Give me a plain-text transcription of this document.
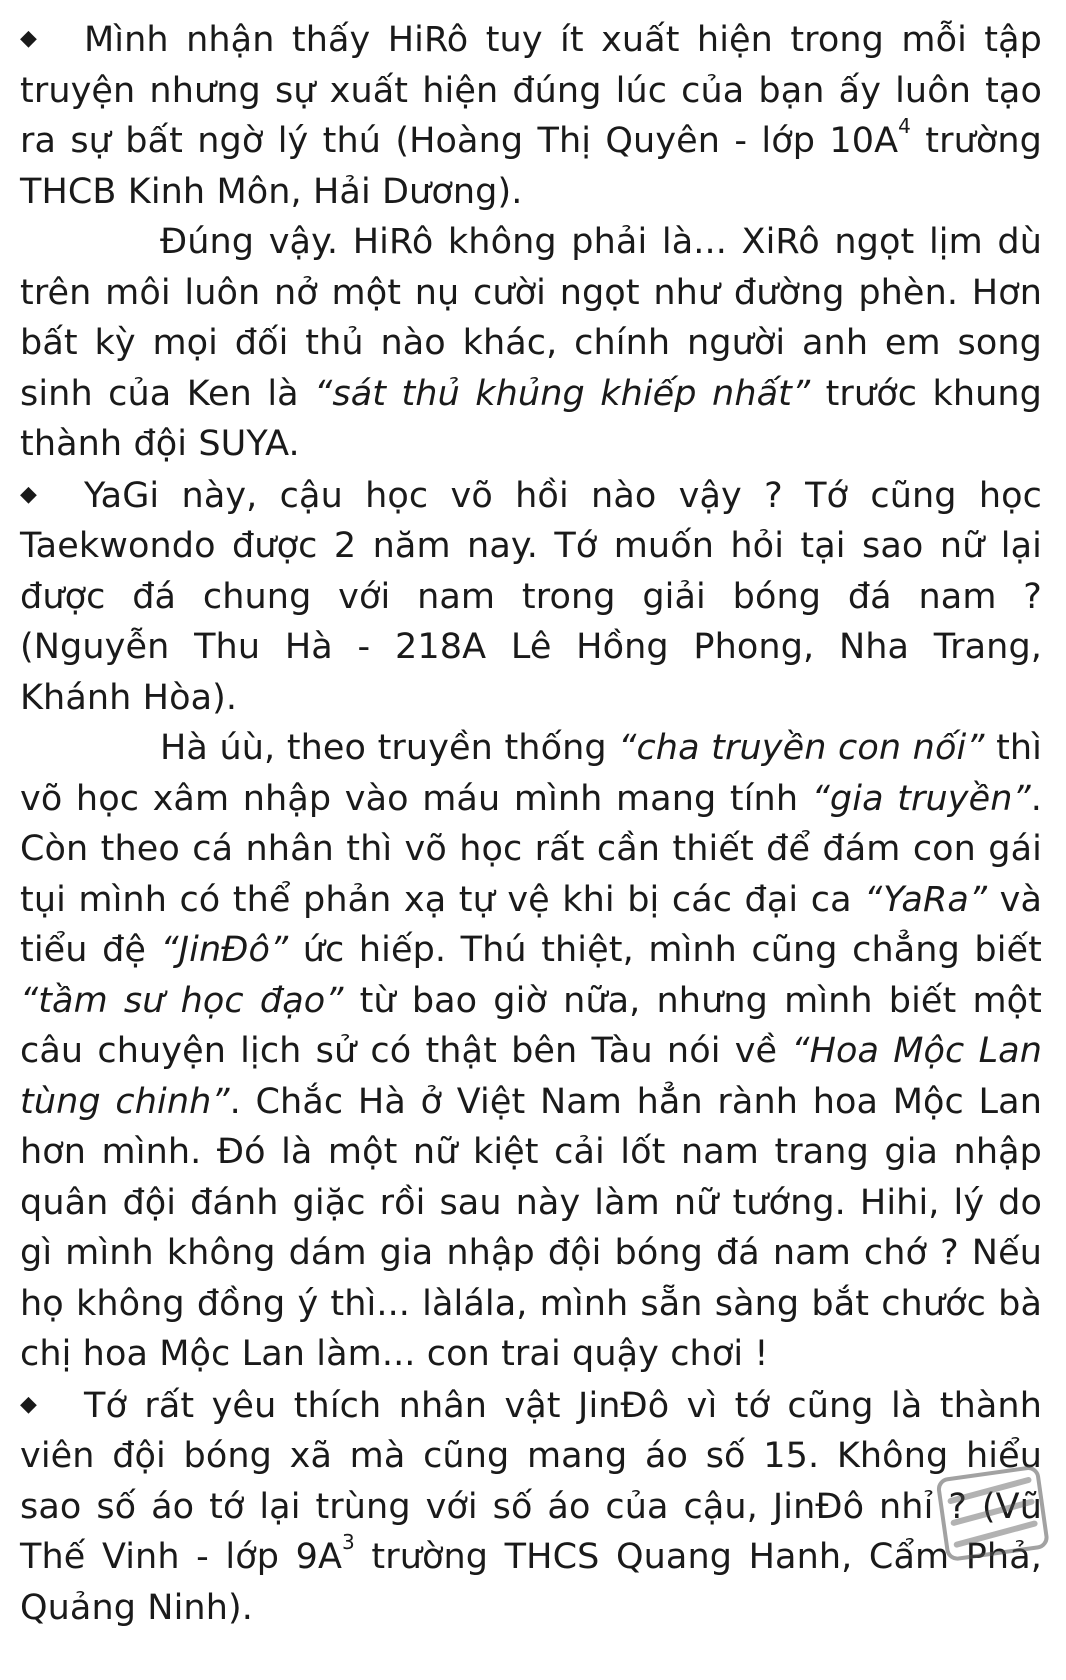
◆ Mình nhận thấy HiRô tuy ít xuất hiện trong mỗi tập truyện nhưng sự xuất hiện đúng lúc của bạn ấy luôn tạo ra sự bất ngờ lý thú (Hoàng Thị Quyên - lớp $10A^4$ trường THCB Kinh Môn, Hải Dương).

Đúng vậy. HiRô không phải là... XiRô ngọt lịm dù trên môi luôn nở một nụ cười ngọt như đường phèn. Hơn bất kỳ mọi đối thủ nào khác, chính người anh em song sinh của Ken là “sát thủ khủng khiếp nhất” trước khung thành đội SUYA.

◆ YaGi này, cậu học võ hồi nào vậy ? Tớ cũng học Taekwondo được 2 năm nay. Tớ muốn hỏi tại sao nữ lại được đá chung với nam trong giải bóng đá nam ? (Nguyễn Thu Hà - 218A Lê Hồng Phong, Nha Trang, Khánh Hòa).

Hà úù, theo truyền thống “cha truyền con nối” thì võ học xâm nhập vào máu mình mang tính “gia truyền”. Còn theo cá nhân thì võ học rất cần thiết để đám con gái tụi mình có thể phản xạ tự vệ khi bị các đại ca “YaRa” và tiểu đệ “JinĐô” ức hiếp. Thú thiệt, mình cũng chẳng biết “tầm sư học đạo” từ bao giờ nữa, nhưng mình biết một câu chuyện lịch sử có thật bên Tàu nói về “Hoa Mộc Lan tùng chinh”. Chắc Hà ở Việt Nam hẳn rành hoa Mộc Lan hơn mình. Đó là một nữ kiệt cải lốt nam trang gia nhập quân đội đánh giặc rồi sau này làm nữ tướng. Hihi, lý do gì mình không dám gia nhập đội bóng đá nam chớ ? Nếu họ không đồng ý thì... làlála, mình sẵn sàng bắt chước bà chị hoa Mộc Lan làm... con trai quậy chơi !

◆ Tớ rất yêu thích nhân vật JinĐô vì tớ cũng là thành viên đội bóng xã mà cũng mang áo số 15. Không hiểu sao số áo tớ lại trùng với số áo của cậu, JinĐô nhỉ ? (Vũ Thế Vinh - lớp $9A^3$ trường THCS Quang Hanh, Cẩm Phả, Quảng Ninh).
